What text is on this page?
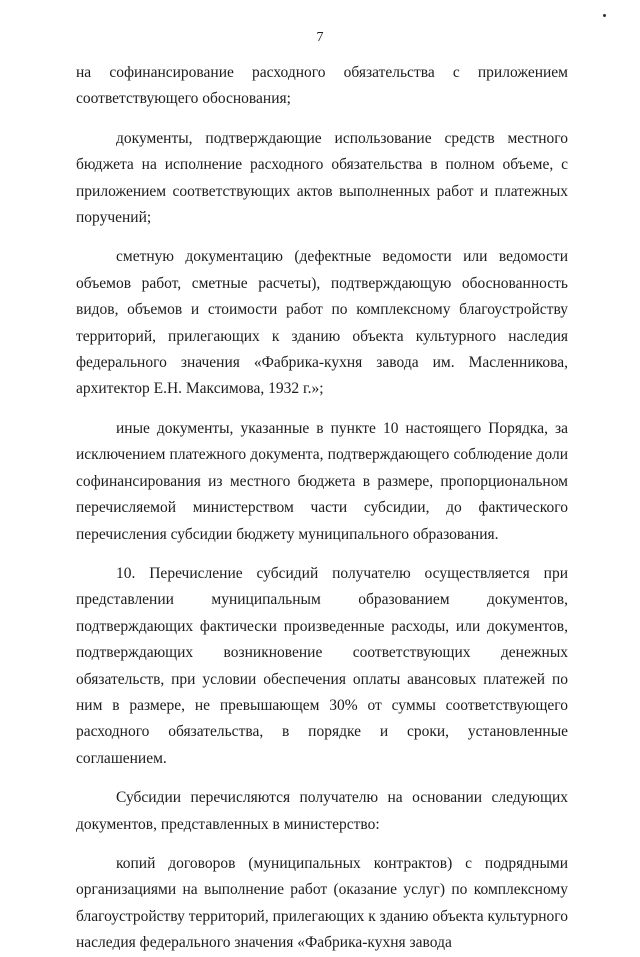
7

на софинансирование расходного обязательства с приложением соответствующего обоснования;

документы, подтверждающие использование средств местного бюджета на исполнение расходного обязательства в полном объеме, с приложением соответствующих актов выполненных работ и платежных поручений;

сметную документацию (дефектные ведомости или ведомости объемов работ, сметные расчеты), подтверждающую обоснованность видов, объемов и стоимости работ по комплексному благоустройству территорий, прилегающих к зданию объекта культурного наследия федерального значения «Фабрика-кухня завода им. Масленникова, архитектор Е.Н. Максимова, 1932 г.»;

иные документы, указанные в пункте 10 настоящего Порядка, за исключением платежного документа, подтверждающего соблюдение доли софинансирования из местного бюджета в размере, пропорциональном перечисляемой министерством части субсидии, до фактического перечисления субсидии бюджету муниципального образования.

10. Перечисление субсидий получателю осуществляется при представлении муниципальным образованием документов, подтверждающих фактически произведенные расходы, или документов, подтверждающих возникновение соответствующих денежных обязательств, при условии обеспечения оплаты авансовых платежей по ним в размере, не превышающем 30% от суммы соответствующего расходного обязательства, в порядке и сроки, установленные соглашением.

Субсидии перечисляются получателю на основании следующих документов, представленных в министерство:

копий договоров (муниципальных контрактов) с подрядными организациями на выполнение работ (оказание услуг) по комплексному благоустройству территорий, прилегающих к зданию объекта культурного наследия федерального значения «Фабрика-кухня завода
